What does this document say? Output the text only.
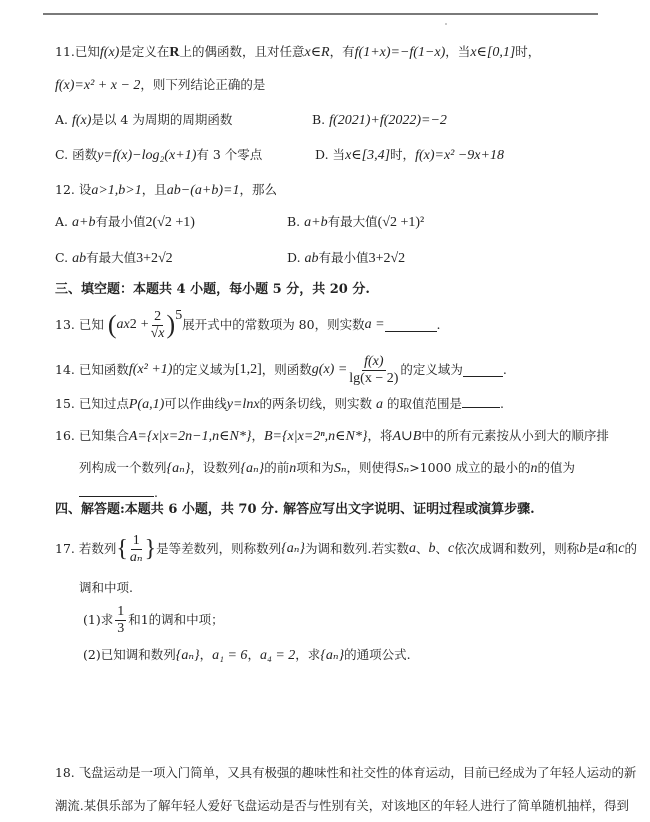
11.已知f(x)是定义在R上的偶函数，且对任意x∈R，有f(1+x)=−f(1−x)，当x∈[0,1]时，
f(x)=x² + x − 2，则下列结论正确的是
A. f(x)是以 4 为周期的周期函数	B. f(2021)+f(2022)=−2
C. 函数y=f(x)−log₂(x+1)有 3 个零点	D. 当x∈[3,4]时，f(x)=x² −9x+18
12. 设a>1,b>1，且ab−(a+b)=1，那么
A. a+b有最小值2(√2 +1)	B. a+b有最大值(√2 +1)²
C. ab有最大值3+2√2	D. ab有最小值3+2√2
三、填空题：本题共 4 小题，每小题 5 分，共 20 分.
13. 已知
( ax 2
+ $\frac{2}{√x}$ ) 5
展开式中的常数项为 80，则实数 a =	.
14. 已知函数 f(x² +1) 的定义域为 [1,2] ，则函数 $g(x) = \frac{f(x)}{\lg(x - 2)}$ 的定义域为	.
15. 已知过点P(a,1)可以作曲线y=lnx的两条切线，则实数 a 的取值范围是	.
16. 已知集合A={x|x=2n−1,n∈N*}，B={x|x=2ⁿ,n∈N*}，将A∪B中的所有元素按从小到大的顺序排
列构成一个数列{aₙ}，设数列{aₙ}的前n项和为Sₙ，则使得Sₙ>1000 成立的最小的n的值为
.
四、解答题:本题共 6 小题，共 70 分. 解答应写出文字说明、证明过程或演算步骤.
17. 若数列 { $\frac{1}{\text{aₙ}}$ } 是等差数列，则称数列 {aₙ} 为调和数列.若实数 a 、 b 、 c 依次成调和数列，则称 b 是 a 和 c 的
调和中项.
(1)求 $\frac{1}{3}$ 和1的调和中项；
(2)已知调和数列{aₙ}，a₁ = 6，a₄ = 2，求{aₙ}的通项公式.
18. 飞盘运动是一项入门简单，又具有极强的趣味性和社交性的体育运动，目前已经成为了年轻人运动的新
潮流.某俱乐部为了解年轻人爱好飞盘运动是否与性别有关，对该地区的年轻人进行了简单随机抽样，得到
